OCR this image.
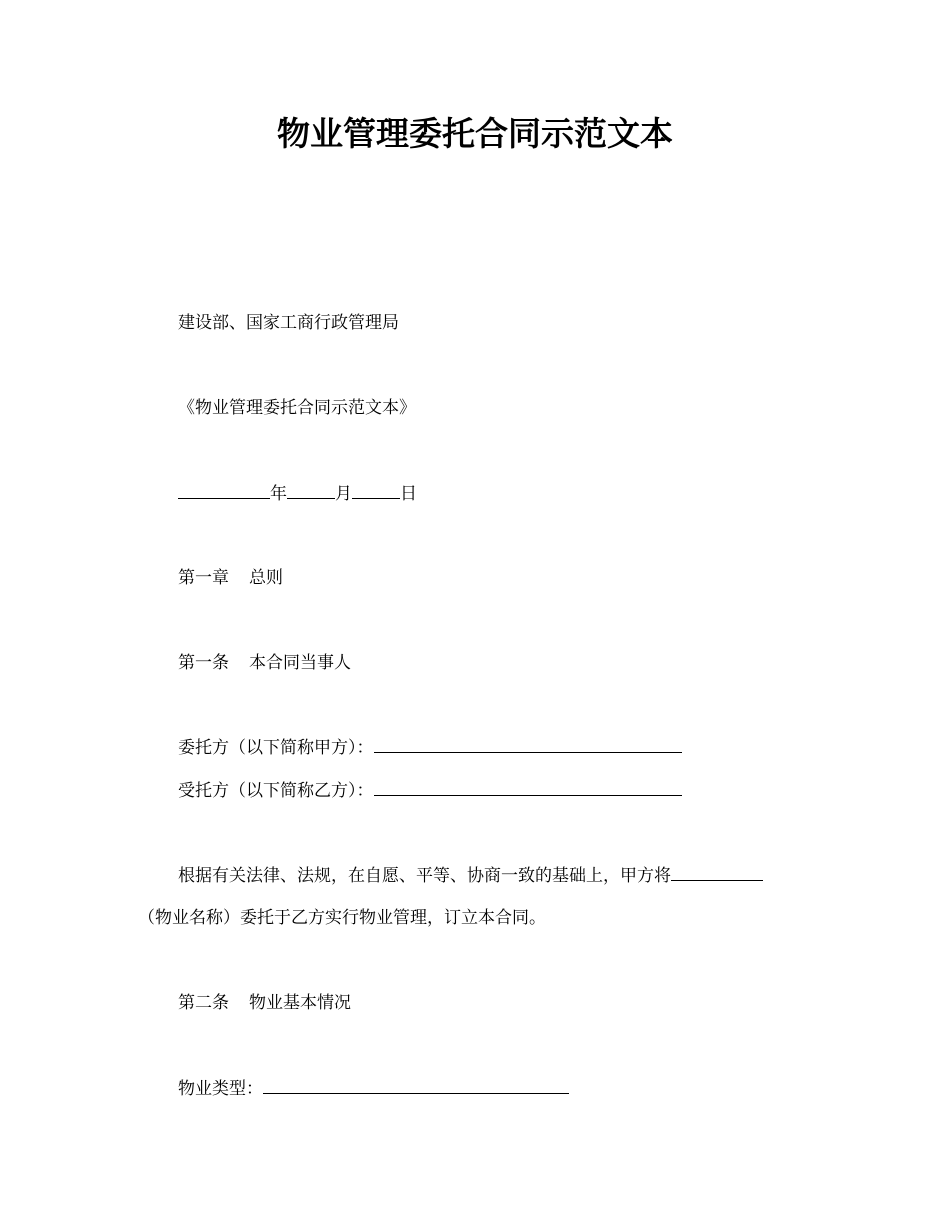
物业管理委托合同示范文本
建设部、国家工商行政管理局
《物业管理委托合同示范文本》
年	月	日
第一章 总则
第一条 本合同当事人
委托方（以下简称甲方）：
受托方（以下简称乙方）：
根据有关法律、法规，在自愿、平等、协商一致的基础上，甲方将
（物业名称）委托于乙方实行物业管理，订立本合同。
第二条 物业基本情况
物业类型：
